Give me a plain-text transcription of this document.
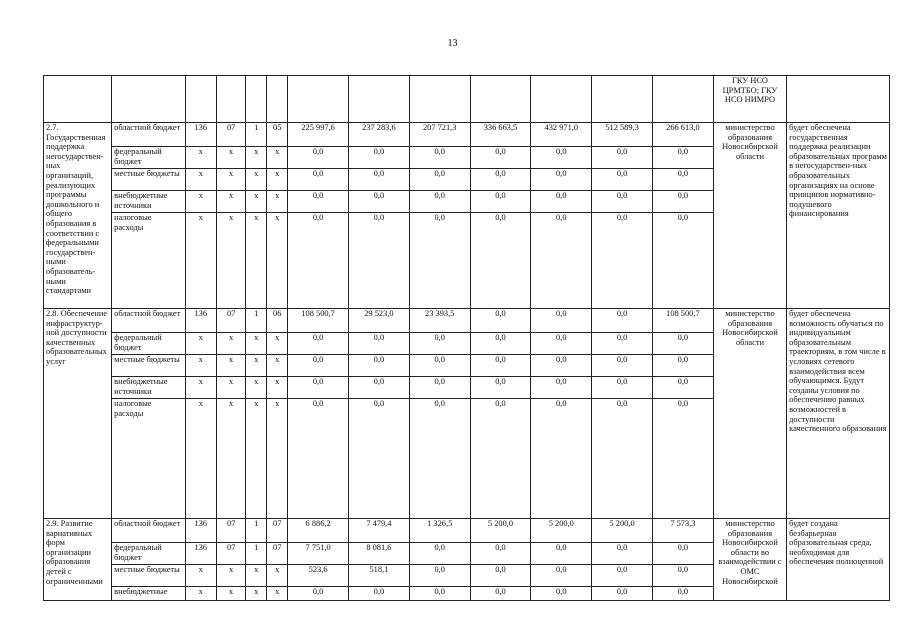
13
													ГКУ НСО ЦРМТБО; ГКУ НСО НИМРО	
2.7. Государственная поддержка негосударствен-ных организаций, реализующих программы дошкольного и общего образования в соответствии с федеральными государствен-ными образователь-ными стандартами	областной бюджет	136	07	1	05	225 997,6	237 283,6	207 721,3	336 663,5	432 971,0	512 589,3	266 613,0	министерство образования Новосибирской области	будет обеспечена государственная поддержка реализации образовательных программ в негосударствен-ных образовательных организациях на основе принципов нормативно-подушевого финансирования
	федеральный бюджет	x	x	x	x	0,0	0,0	0,0	0,0	0,0	0,0	0,0		
	местные бюджеты	x	x	x	x	0,0	0,0	0,0	0,0	0,0	0,0	0,0		
	внебюджетные источники	x	x	x	x	0,0	0,0	0,0	0,0	0,0	0,0	0,0		
	налоговые расходы	x	x	x	x	0,0	0,0	0,0	0,0	0,0	0,0	0,0		
2.8. Обеспечение инфраструктур-ной доступности качественных образовательных услуг	областной бюджет	136	07	1	06	108 500,7	29 523,0	23 393,5	0,0	0,0	0,0	108 500,7	министерство образования Новосибирской области	будет обеспечена возможность обучаться по индивидуальным образовательным траекториям, в том числе в условиях сетевого взаимодействия всем обучающимся. Будут созданы условия по обеспечению равных возможностей в доступности качественного образования
	федеральный бюджет	x	x	x	x	0,0	0,0	0,0	0,0	0,0	0,0	0,0		
	местные бюджеты	x	x	x	x	0,0	0,0	0,0	0,0	0,0	0,0	0,0		
	внебюджетные источники	x	x	x	x	0,0	0,0	0,0	0,0	0,0	0,0	0,0		
	налоговые расходы	x	x	x	x	0,0	0,0	0,0	0,0	0,0	0,0	0,0		
2.9. Развитие вариативных форм организации образования детей с ограниченными	областной бюджет	136	07	1	07	6 886,2	7 479,4	1 326,5	5 200,0	5 200,0	5 200,0	7 573,3	министерство образования Новосибирской области во взаимодействии с ОМС Новосибирской	будет создана безбарьерная образовательная среда, необходимая для обеспечения полноценной
	федеральный бюджет	136	07	1	07	7 751,0	8 081,6	0,0	0,0	0,0	0,0	0,0		
	местные бюджеты	x	x	x	x	523,6	518,1	0,0	0,0	0,0	0,0	0,0		
	внебюджетные	x	x	x	x	0,0	0,0	0,0	0,0	0,0	0,0	0,0		
